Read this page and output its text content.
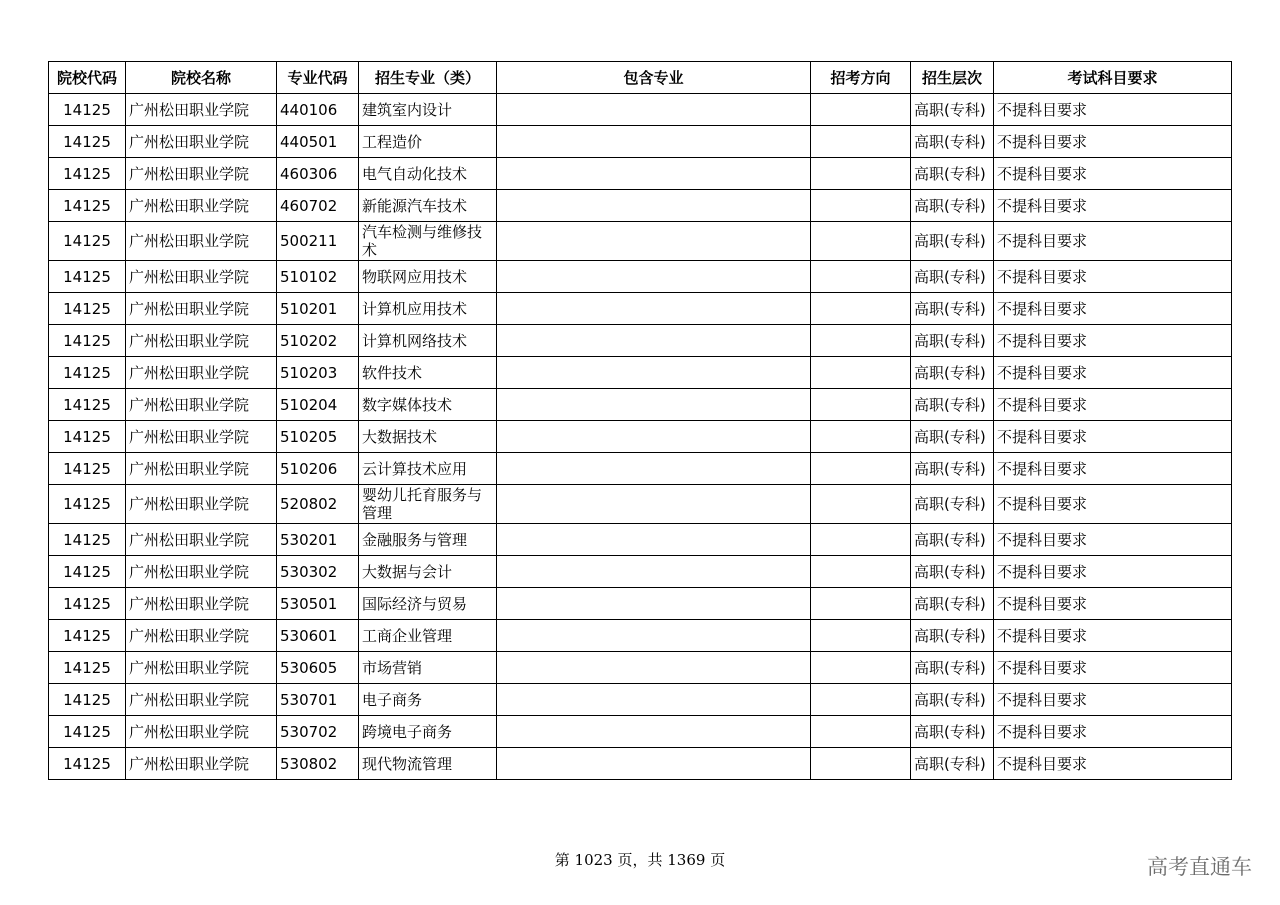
院校代码	院校名称	专业代码	招生专业（类）	包含专业	招考方向	招生层次	考试科目要求
14125	广州松田职业学院	440106	建筑室内设计			高职(专科)	不提科目要求
14125	广州松田职业学院	440501	工程造价			高职(专科)	不提科目要求
14125	广州松田职业学院	460306	电气自动化技术			高职(专科)	不提科目要求
14125	广州松田职业学院	460702	新能源汽车技术			高职(专科)	不提科目要求
14125	广州松田职业学院	500211	汽车检测与维修技术			高职(专科)	不提科目要求
14125	广州松田职业学院	510102	物联网应用技术			高职(专科)	不提科目要求
14125	广州松田职业学院	510201	计算机应用技术			高职(专科)	不提科目要求
14125	广州松田职业学院	510202	计算机网络技术			高职(专科)	不提科目要求
14125	广州松田职业学院	510203	软件技术			高职(专科)	不提科目要求
14125	广州松田职业学院	510204	数字媒体技术			高职(专科)	不提科目要求
14125	广州松田职业学院	510205	大数据技术			高职(专科)	不提科目要求
14125	广州松田职业学院	510206	云计算技术应用			高职(专科)	不提科目要求
14125	广州松田职业学院	520802	婴幼儿托育服务与管理			高职(专科)	不提科目要求
14125	广州松田职业学院	530201	金融服务与管理			高职(专科)	不提科目要求
14125	广州松田职业学院	530302	大数据与会计			高职(专科)	不提科目要求
14125	广州松田职业学院	530501	国际经济与贸易			高职(专科)	不提科目要求
14125	广州松田职业学院	530601	工商企业管理			高职(专科)	不提科目要求
14125	广州松田职业学院	530605	市场营销			高职(专科)	不提科目要求
14125	广州松田职业学院	530701	电子商务			高职(专科)	不提科目要求
14125	广州松田职业学院	530702	跨境电子商务			高职(专科)	不提科目要求
14125	广州松田职业学院	530802	现代物流管理			高职(专科)	不提科目要求
第 1023 页，共 1369 页	高考直通车
